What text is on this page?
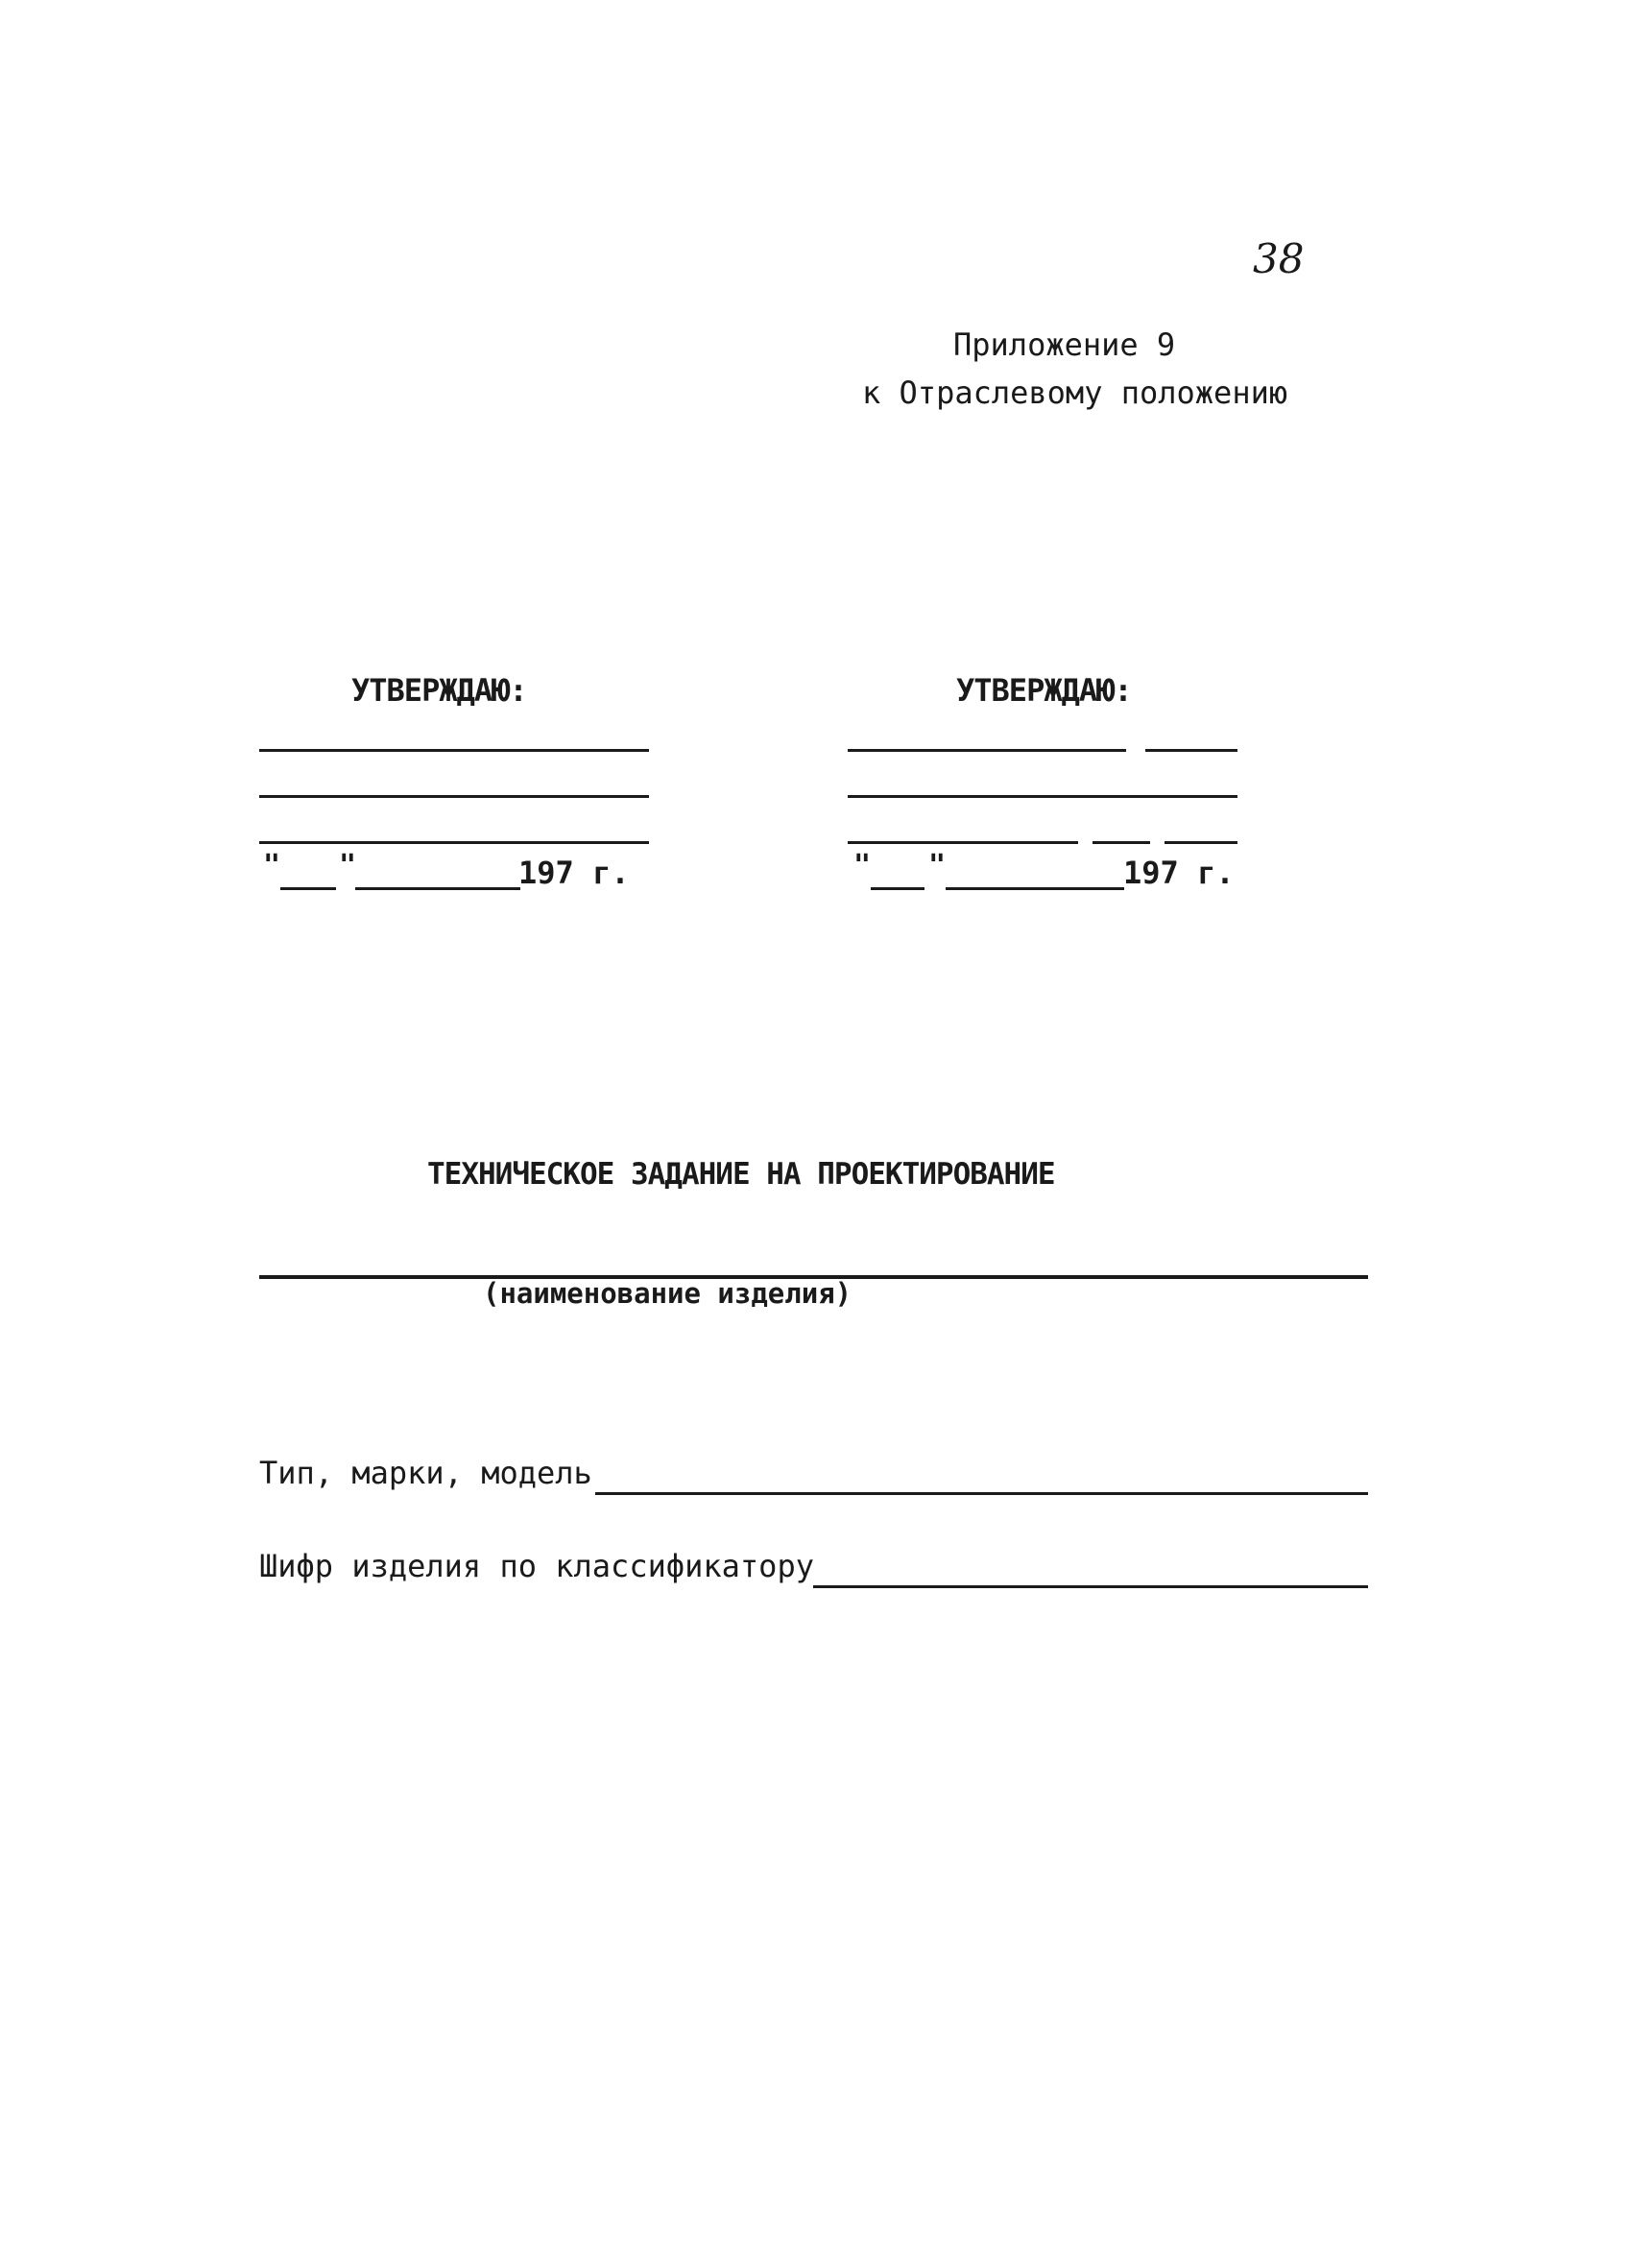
38
Приложение 9
к Отраслевому положению
УТВЕРЖДАЮ:
" "	197 г.
УТВЕРЖДАЮ:
" "	197 г.
ТЕХНИЧЕСКОЕ ЗАДАНИЕ НА ПРОЕКТИРОВАНИЕ
(наименование изделия)
Тип, марки, модель
Шифр изделия по классификатору
